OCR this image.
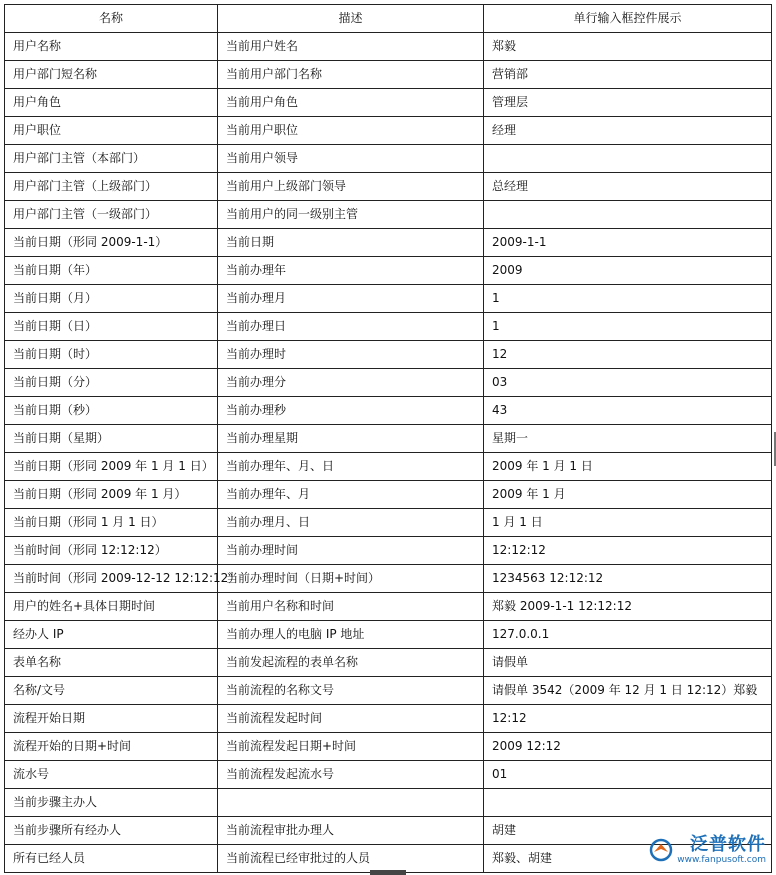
名称	描述	单行输入框控件展示
用户名称	当前用户姓名	郑毅
用户部门短名称	当前用户部门名称	营销部
用户角色	当前用户角色	管理层
用户职位	当前用户职位	经理
用户部门主管（本部门）	当前用户领导	
用户部门主管（上级部门）	当前用户上级部门领导	总经理
用户部门主管（一级部门）	当前用户的同一级别主管	
当前日期（形同 2009-1-1）	当前日期	2009-1-1
当前日期（年）	当前办理年	2009
当前日期（月）	当前办理月	1
当前日期（日）	当前办理日	1
当前日期（时）	当前办理时	12
当前日期（分）	当前办理分	03
当前日期（秒）	当前办理秒	43
当前日期（星期）	当前办理星期	星期一
当前日期（形同 2009 年 1 月 1 日）	当前办理年、月、日	2009 年 1 月 1 日
当前日期（形同 2009 年 1 月）	当前办理年、月	2009 年 1 月
当前日期（形同 1 月 1 日）	当前办理月、日	1 月 1 日
当前时间（形同 12:12:12）	当前办理时间	12:12:12
当前时间（形同 2009-12-12 12:12:12）	当前办理时间（日期+时间）	1234563 12:12:12
用户的姓名+具体日期时间	当前用户名称和时间	郑毅 2009-1-1 12:12:12
经办人 IP	当前办理人的电脑 IP 地址	127.0.0.1
表单名称	当前发起流程的表单名称	请假单
名称/文号	当前流程的名称文号	请假单 3542（2009 年 12 月 1 日 12:12）郑毅
流程开始日期	当前流程发起时间	12:12
流程开始的日期+时间	当前流程发起日期+时间	2009 12:12
流水号	当前流程发起流水号	01
当前步骤主办人		
当前步骤所有经办人	当前流程审批办理人	胡建
所有已经人员	当前流程已经审批过的人员	郑毅、胡建
泛普软件
www.fanpusoft.com
